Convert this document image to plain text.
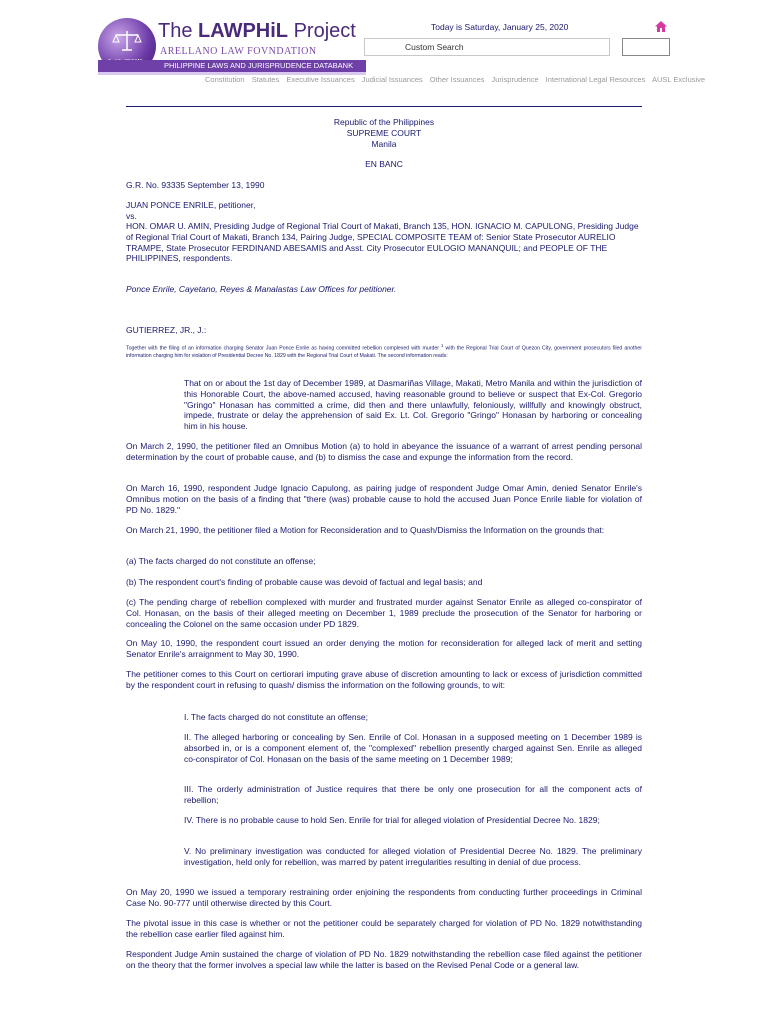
The LAWPHiL Project
ARELLANO LAW FOVNDATION
PHILIPPINE LAWS AND JURISPRUDENCE DATABANK
Today is Saturday, January 25, 2020
Custom Search
Constitution Statutes Executive Issuances Judicial Issuances Other Issuances Jurisprudence International Legal Resources AUSL Exclusive
Republic of the Philippines
SUPREME COURT
Manila
EN BANC
G.R. No. 93335 September 13, 1990
JUAN PONCE ENRILE, petitioner,
vs.
HON. OMAR U. AMIN, Presiding Judge of Regional Trial Court of Makati, Branch 135, HON. IGNACIO M. CAPULONG, Presiding Judge of Regional Trial Court of Makati, Branch 134, Pairing Judge, SPECIAL COMPOSITE TEAM of: Senior State Prosecutor AURELIO TRAMPE, State Prosecutor FERDINAND ABESAMIS and Asst. City Prosecutor EULOGIO MANANQUIL; and PEOPLE OF THE PHILIPPINES, respondents.
Ponce Enrile, Cayetano, Reyes & Manalastas Law Offices for petitioner.
GUTIERREZ, JR., J.:
Together with the filing of an information charging Senator Juan Ponce Enrile as having committed rebellion complexed with murder $^1$ with the Regional Trial Court of Quezon City, government prosecutors filed another information charging him for violation of Presidential Decree No. 1829 with the Regional Trial Court of Makati. The second information reads:
That on or about the 1st day of December 1989, at Dasmariñas Village, Makati, Metro Manila and within the jurisdiction of this Honorable Court, the above-named accused, having reasonable ground to believe or suspect that Ex-Col. Gregorio "Gringo" Honasan has committed a crime, did then and there unlawfully, feloniously, willfully and knowingly obstruct, impede, frustrate or delay the apprehension of said Ex. Lt. Col. Gregorio "Gringo" Honasan by harboring or concealing him in his house.
On March 2, 1990, the petitioner filed an Omnibus Motion (a) to hold in abeyance the issuance of a warrant of arrest pending personal determination by the court of probable cause, and (b) to dismiss the case and expunge the information from the record.
On March 16, 1990, respondent Judge Ignacio Capulong, as pairing judge of respondent Judge Omar Amin, denied Senator Enrile's Omnibus motion on the basis of a finding that "there (was) probable cause to hold the accused Juan Ponce Enrile liable for violation of PD No. 1829."
On March 21, 1990, the petitioner filed a Motion for Reconsideration and to Quash/Dismiss the Information on the grounds that:
(a) The facts charged do not constitute an offense;
(b) The respondent court's finding of probable cause was devoid of factual and legal basis; and
(c) The pending charge of rebellion complexed with murder and frustrated murder against Senator Enrile as alleged co-conspirator of Col. Honasan, on the basis of their alleged meeting on December 1, 1989 preclude the prosecution of the Senator for harboring or concealing the Colonel on the same occasion under PD 1829.
On May 10, 1990, the respondent court issued an order denying the motion for reconsideration for alleged lack of merit and setting Senator Enrile's arraignment to May 30, 1990.
The petitioner comes to this Court on certiorari imputing grave abuse of discretion amounting to lack or excess of jurisdiction committed by the respondent court in refusing to quash/ dismiss the information on the following grounds, to wit:
I. The facts charged do not constitute an offense;
II. The alleged harboring or concealing by Sen. Enrile of Col. Honasan in a supposed meeting on 1 December 1989 is absorbed in, or is a component element of, the "complexed" rebellion presently charged against Sen. Enrile as alleged co-conspirator of Col. Honasan on the basis of the same meeting on 1 December 1989;
III. The orderly administration of Justice requires that there be only one prosecution for all the component acts of rebellion;
IV. There is no probable cause to hold Sen. Enrile for trial for alleged violation of Presidential Decree No. 1829;
V. No preliminary investigation was conducted for alleged violation of Presidential Decree No. 1829. The preliminary investigation, held only for rebellion, was marred by patent irregularities resulting in denial of due process.
On May 20, 1990 we issued a temporary restraining order enjoining the respondents from conducting further proceedings in Criminal Case No. 90-777 until otherwise directed by this Court.
The pivotal issue in this case is whether or not the petitioner could be separately charged for violation of PD No. 1829 notwithstanding the rebellion case earlier filed against him.
Respondent Judge Amin sustained the charge of violation of PD No. 1829 notwithstanding the rebellion case filed against the petitioner on the theory that the former involves a special law while the latter is based on the Revised Penal Code or a general law.
